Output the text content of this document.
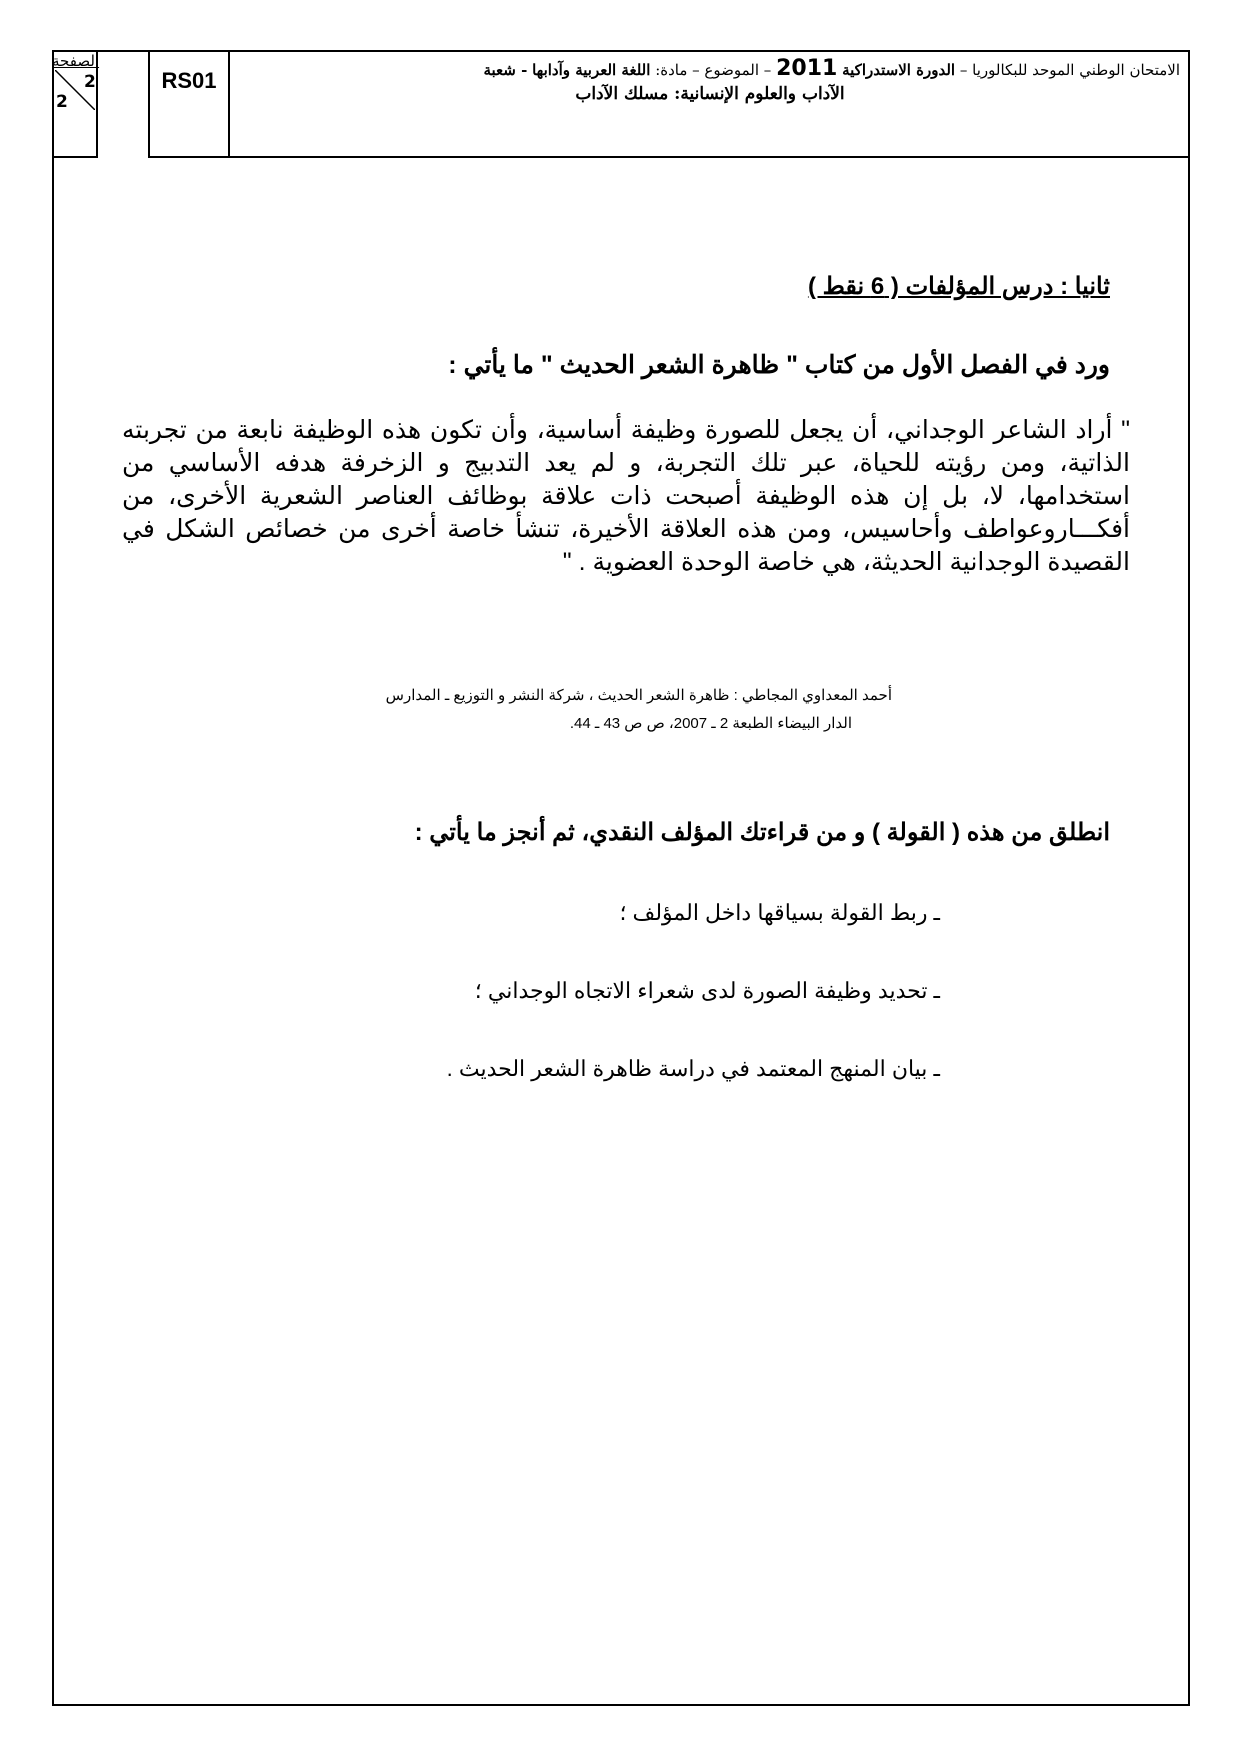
الصفحة
2
2
RS01	الامتحان الوطني الموحد للبكالوريا – الدورة الاستدراكية 2011 – الموضوع – مادة: اللغة العربية وآدابها - شعبة
الآداب والعلوم الإنسانية: مسلك الآداب
ثانيا : درس المؤلفات ( 6 نقط )
ورد في الفصل الأول من كتاب " ظاهرة الشعر الحديث " ما يأتي :
" أراد الشاعر الوجداني، أن يجعل للصورة وظيفة أساسية، وأن تكون هذه الوظيفة نابعة من تجربته الذاتية، ومن رؤيته للحياة، عبر تلك التجربة، و لم يعد التدبيج و الزخرفة هدفه الأساسي من استخدامها، لا، بل إن هذه الوظيفة أصبحت ذات علاقة بوظائف العناصر الشعرية الأخرى، من أفكـــاروعواطف وأحاسيس، ومن هذه العلاقة الأخيرة، تنشأ خاصة أخرى من خصائص الشكل في القصيدة الوجدانية الحديثة، هي خاصة الوحدة العضوية . "
أحمد المعداوي المجاطي : ظاهرة الشعر الحديث ، شركة النشر و التوزيع ـ المدارس
الدار البيضاء الطبعة 2 ـ 2007، ص ص 43 ـ 44.
انطلق من هذه ( القولة ) و من قراءتك المؤلف النقدي، ثم أنجز ما يأتي :
ـ ربط القولة بسياقها داخل المؤلف ؛
ـ تحديد وظيفة الصورة لدى شعراء الاتجاه الوجداني ؛
ـ بيان المنهج المعتمد في دراسة ظاهرة الشعر الحديث .
